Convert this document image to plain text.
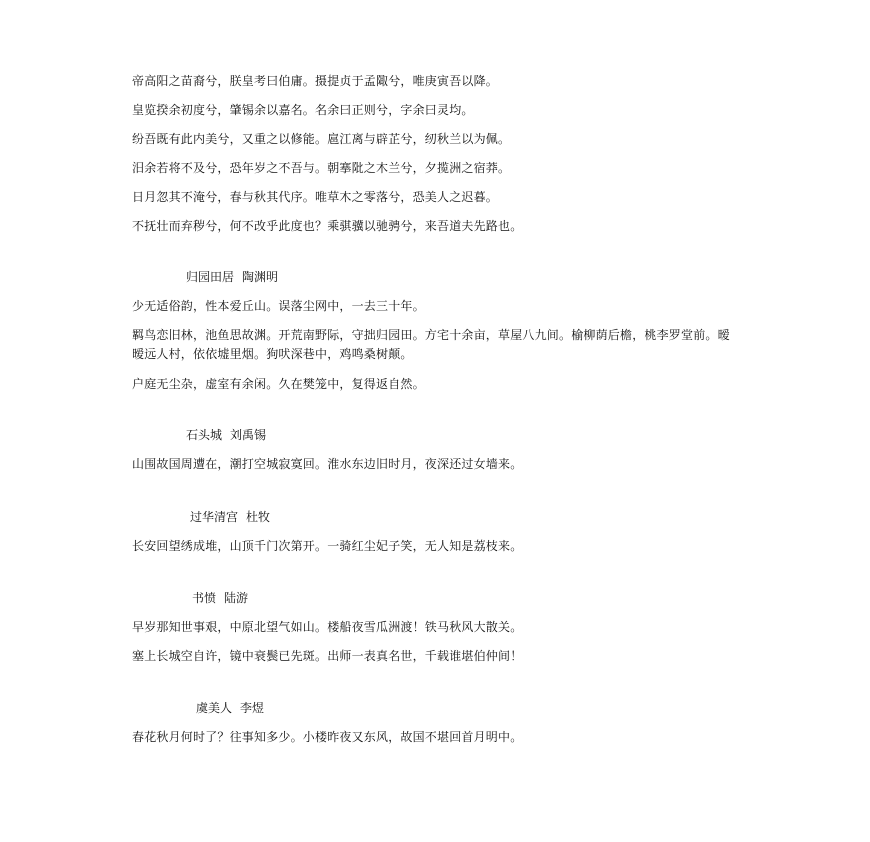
帝高阳之苗裔兮，朕皇考曰伯庸。摄提贞于孟陬兮，唯庚寅吾以降。
皇览揆余初度兮，肇锡余以嘉名。名余曰正则兮，字余曰灵均。
纷吾既有此内美兮，又重之以修能。扈江离与辟芷兮，纫秋兰以为佩。
汨余若将不及兮，恐年岁之不吾与。朝搴阰之木兰兮，夕揽洲之宿莽。
日月忽其不淹兮，春与秋其代序。唯草木之零落兮，恐美人之迟暮。
不抚壮而弃秽兮，何不改乎此度也？乘骐骥以驰骋兮，来吾道夫先路也。
归园田居 陶渊明
少无适俗韵，性本爱丘山。误落尘网中，一去三十年。
羁鸟恋旧林，池鱼思故渊。开荒南野际，守拙归园田。方宅十余亩，草屋八九间。榆柳荫后檐，桃李罗堂前。暧暧远人村，依依墟里烟。狗吠深巷中，鸡鸣桑树颠。
户庭无尘杂，虚室有余闲。久在樊笼中，复得返自然。
石头城 刘禹锡
山围故国周遭在，潮打空城寂寞回。淮水东边旧时月，夜深还过女墙来。
过华清宫 杜牧
长安回望绣成堆，山顶千门次第开。一骑红尘妃子笑，无人知是荔枝来。
书愤 陆游
早岁那知世事艰，中原北望气如山。楼船夜雪瓜洲渡！铁马秋风大散关。
塞上长城空自许，镜中衰鬓已先斑。出师一表真名世，千载谁堪伯仲间！
虞美人 李煜
春花秋月何时了？往事知多少。小楼昨夜又东风，故国不堪回首月明中。
